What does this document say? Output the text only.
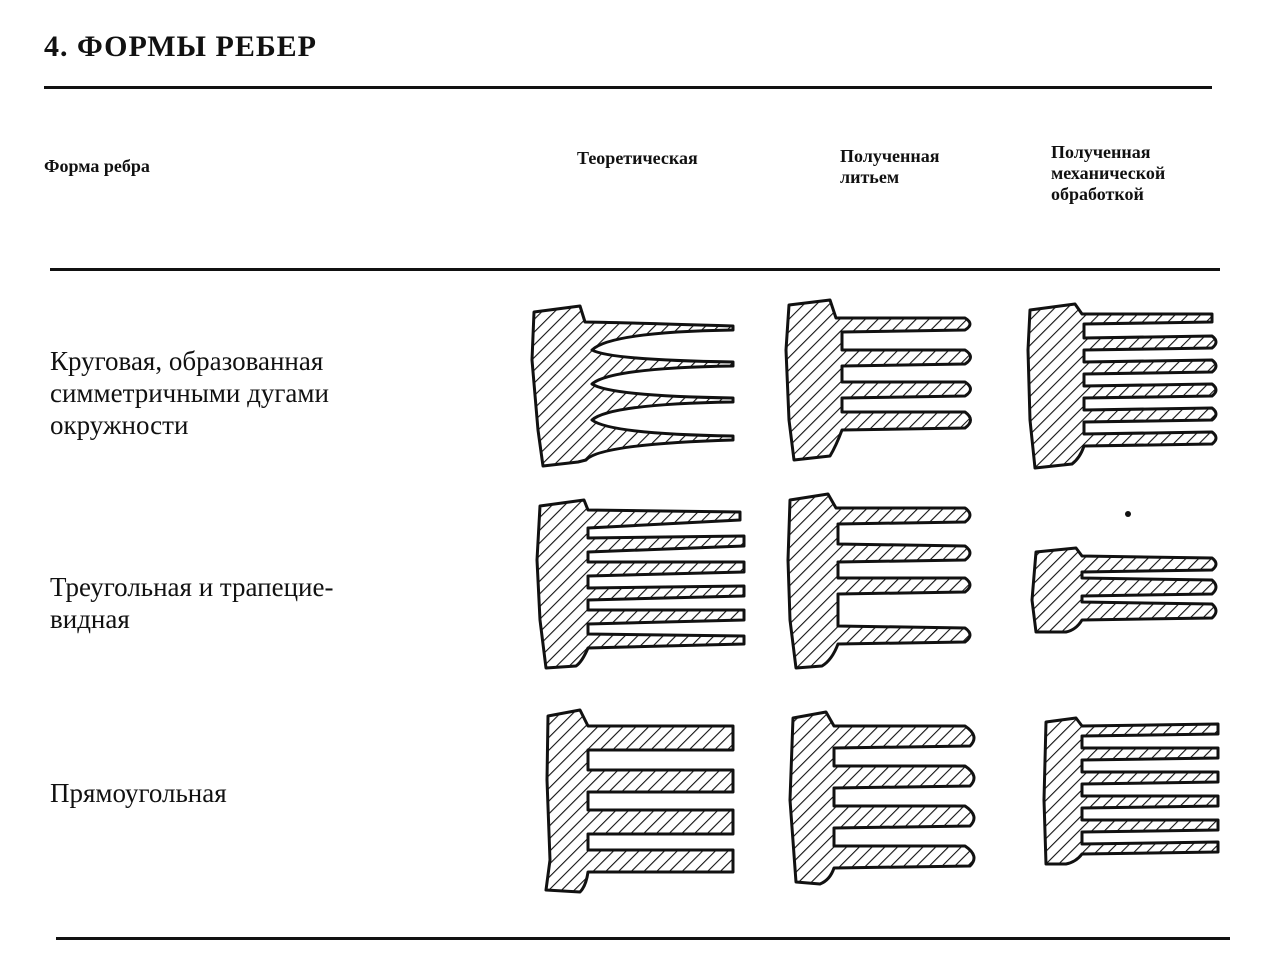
4. ФОРМЫ РЕБЕР
Форма ребра	Теоретическая	Полученная
литьем
Полученная
механической
обработкой
Круговая, образованная
симметричными дугами
окружности
Треугольная и трапецие-
видная
Прямоугольная
